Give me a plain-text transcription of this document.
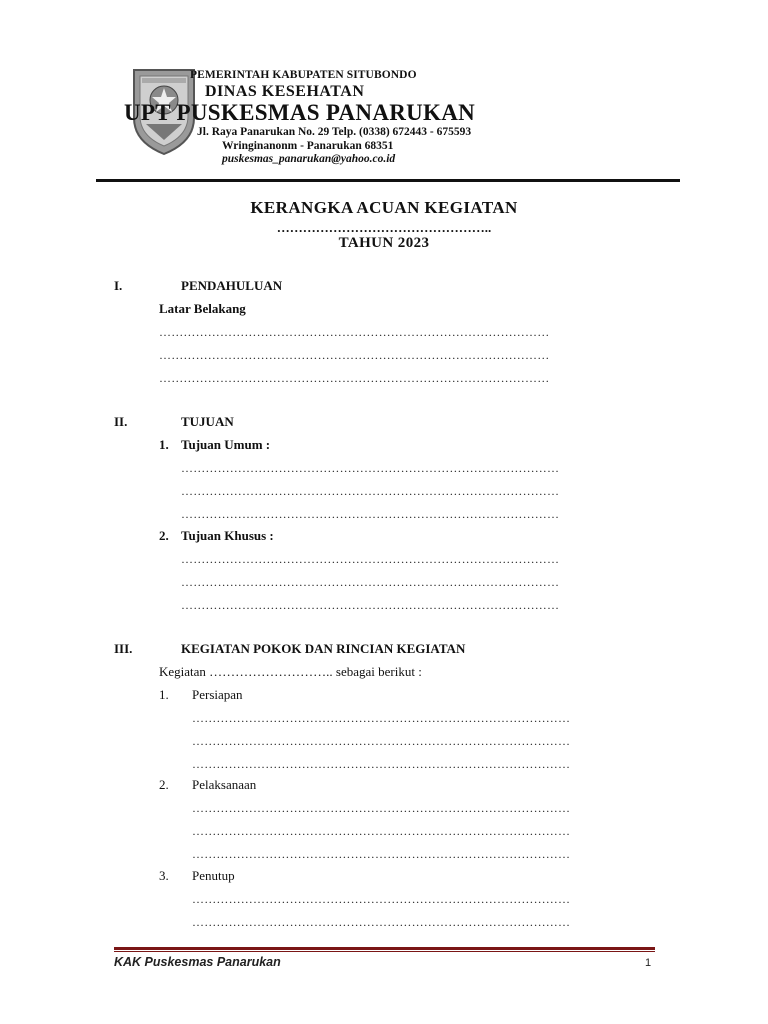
PEMERINTAH KABUPATEN SITUBONDO
DINAS KESEHATAN
UPT PUSKESMAS PANARUKAN
Jl. Raya Panarukan No. 29 Telp. (0338) 672443 - 675593
Wringinanonm - Panarukan 68351
puskesmas_panarukan@yahoo.co.id
KERANGKA ACUAN KEGIATAN
…………………………………………..
TAHUN 2023
I.	PENDAHULUAN
Latar Belakang
……………………………………………………………………………………
……………………………………………………………………………………
……………………………………………………………………………………
II.	TUJUAN
1. Tujuan Umum :
…………………………………………………………………………………
…………………………………………………………………………………
…………………………………………………………………………………
2. Tujuan Khusus :
…………………………………………………………………………………
…………………………………………………………………………………
…………………………………………………………………………………
III.	KEGIATAN POKOK DAN RINCIAN KEGIATAN
Kegiatan ……………………….. sebagai berikut :
1. Persiapan
…………………………………………………………………………………
…………………………………………………………………………………
…………………………………………………………………………………
2. Pelaksanaan
…………………………………………………………………………………
…………………………………………………………………………………
…………………………………………………………………………………
3. Penutup
…………………………………………………………………………………
…………………………………………………………………………………
KAK Puskesmas Panarukan	1
